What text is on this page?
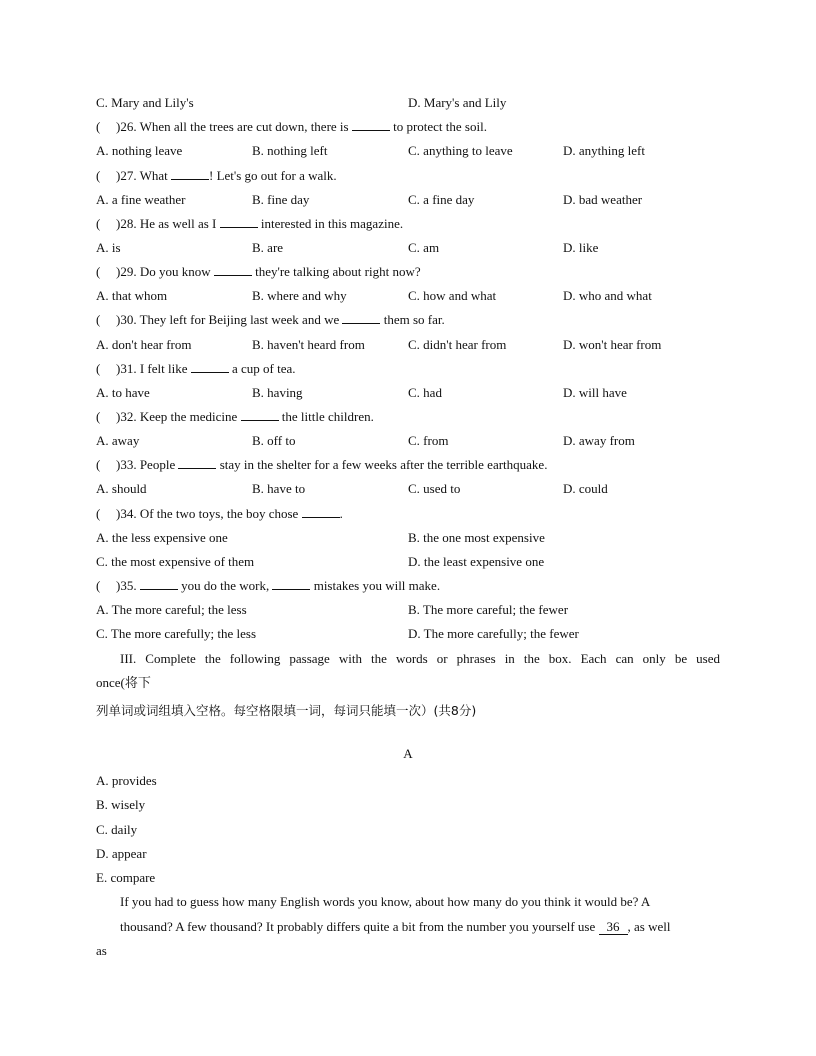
C. Mary and Lily's	D. Mary's and Lily
( )26. When all the trees are cut down, there is	to protect the soil.
A. nothing leave	B. nothing left	C. anything to leave	D. anything left
( )27. What	! Let's go out for a walk.
A. a fine weather	B. fine day	C. a fine day	D. bad weather
( )28. He as well as I	interested in this magazine.
A. is	B. are	C. am	D. like
( )29. Do you know	they're talking about right now?
A. that whom	B. where and why	C. how and what	D. who and what
( )30. They left for Beijing last week and we	them so far.
A. don't hear from	B. haven't heard from	C. didn't hear from	D. won't hear from
( )31. I felt like	a cup of tea.
A. to have	B. having	C. had	D. will have
( )32. Keep the medicine	the little children.
A. away	B. off to	C. from	D. away from
( )33. People	stay in the shelter for a few weeks after the terrible earthquake.
A. should	B. have to	C. used to	D. could
( )34. Of the two toys, the boy chose	.
A. the less expensive one	B. the one most expensive
C. the most expensive of them	D. the least expensive one
( )35.	you do the work,	mistakes you will make.
A. The more careful; the less	B. The more careful; the fewer
C. The more carefully; the less	D. The more carefully; the fewer
III. Complete the following passage with the words or phrases in the box. Each can only be used
once(将下
列单词或词组填入空格。每空格限填一词，每词只能填一次）(共8分)
A
A. provides
B. wisely
C. daily
D. appear
E. compare
If you had to guess how many English words you know, about how many do you think it would be? A
thousand? A few thousand? It probably differs quite a bit from the number you yourself use 36 , as well
as
